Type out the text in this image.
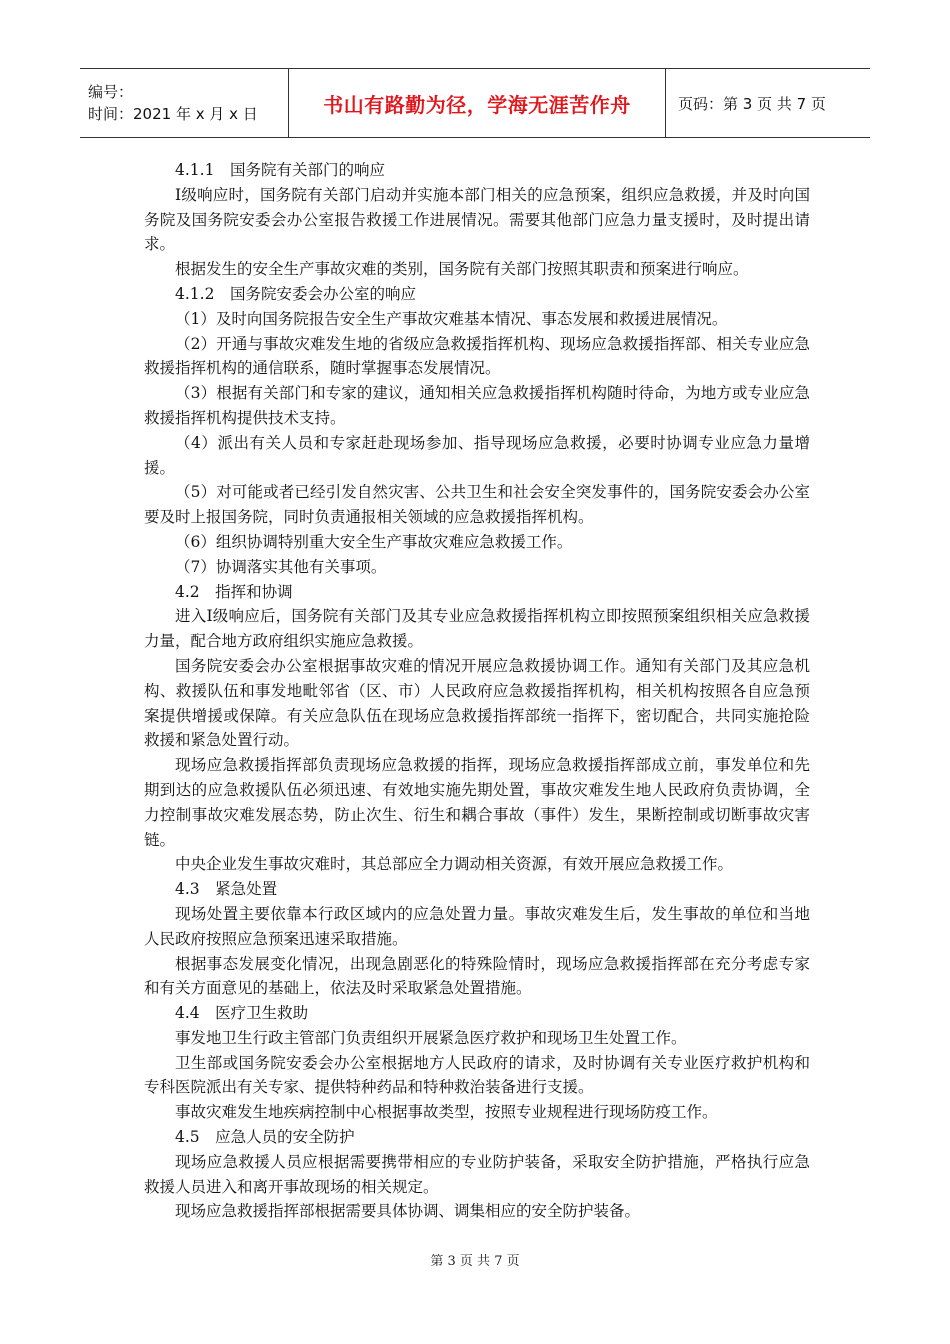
编号：
时间：2021 年 x 月 x 日	书山有路勤为径，学海无涯苦作舟	页码：第 3 页 共 7 页

4.1.1　国务院有关部门的响应

Ⅰ级响应时，国务院有关部门启动并实施本部门相关的应急预案，组织应急救援，并及时向国务院及国务院安委会办公室报告救援工作进展情况。需要其他部门应急力量支援时，及时提出请求。

根据发生的安全生产事故灾难的类别，国务院有关部门按照其职责和预案进行响应。

4.1.2　国务院安委会办公室的响应

（1）及时向国务院报告安全生产事故灾难基本情况、事态发展和救援进展情况。

（2）开通与事故灾难发生地的省级应急救援指挥机构、现场应急救援指挥部、相关专业应急救援指挥机构的通信联系，随时掌握事态发展情况。

（3）根据有关部门和专家的建议，通知相关应急救援指挥机构随时待命，为地方或专业应急救援指挥机构提供技术支持。

（4）派出有关人员和专家赶赴现场参加、指导现场应急救援，必要时协调专业应急力量增援。

（5）对可能或者已经引发自然灾害、公共卫生和社会安全突发事件的，国务院安委会办公室要及时上报国务院，同时负责通报相关领域的应急救援指挥机构。

（6）组织协调特别重大安全生产事故灾难应急救援工作。

（7）协调落实其他有关事项。

4.2　指挥和协调

进入Ⅰ级响应后，国务院有关部门及其专业应急救援指挥机构立即按照预案组织相关应急救援力量，配合地方政府组织实施应急救援。

国务院安委会办公室根据事故灾难的情况开展应急救援协调工作。通知有关部门及其应急机构、救援队伍和事发地毗邻省（区、市）人民政府应急救援指挥机构，相关机构按照各自应急预案提供增援或保障。有关应急队伍在现场应急救援指挥部统一指挥下，密切配合，共同实施抢险救援和紧急处置行动。

现场应急救援指挥部负责现场应急救援的指挥，现场应急救援指挥部成立前，事发单位和先期到达的应急救援队伍必须迅速、有效地实施先期处置，事故灾难发生地人民政府负责协调，全力控制事故灾难发展态势，防止次生、衍生和耦合事故（事件）发生，果断控制或切断事故灾害链。

中央企业发生事故灾难时，其总部应全力调动相关资源，有效开展应急救援工作。

4.3　紧急处置

现场处置主要依靠本行政区域内的应急处置力量。事故灾难发生后，发生事故的单位和当地人民政府按照应急预案迅速采取措施。

根据事态发展变化情况，出现急剧恶化的特殊险情时，现场应急救援指挥部在充分考虑专家和有关方面意见的基础上，依法及时采取紧急处置措施。

4.4　医疗卫生救助

事发地卫生行政主管部门负责组织开展紧急医疗救护和现场卫生处置工作。

卫生部或国务院安委会办公室根据地方人民政府的请求，及时协调有关专业医疗救护机构和专科医院派出有关专家、提供特种药品和特种救治装备进行支援。

事故灾难发生地疾病控制中心根据事故类型，按照专业规程进行现场防疫工作。

4.5　应急人员的安全防护

现场应急救援人员应根据需要携带相应的专业防护装备，采取安全防护措施，严格执行应急救援人员进入和离开事故现场的相关规定。

现场应急救援指挥部根据需要具体协调、调集相应的安全防护装备。

第 3 页 共 7 页
